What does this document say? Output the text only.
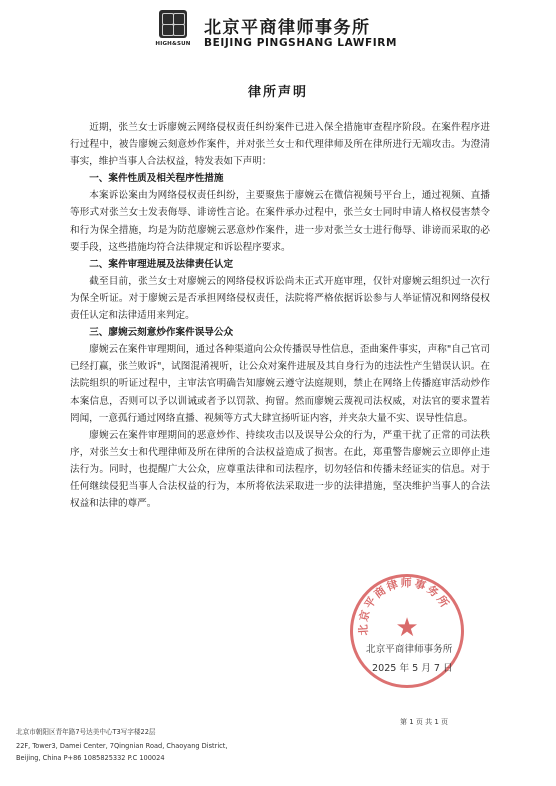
HIGH&SUN
北京平商律师事务所
BEIJING PINGSHANG LAWFIRM
律所声明

近期，张兰女士诉廖婉云网络侵权责任纠纷案件已进入保全措施审查程序阶段。在案件程序进行过程中，被告廖婉云刻意炒作案件，并对张兰女士和代理律师及所在律所进行无端攻击。为澄清事实，维护当事人合法权益，特发表如下声明：

一、案件性质及相关程序性措施

本案诉讼案由为网络侵权责任纠纷，主要聚焦于廖婉云在微信视频号平台上，通过视频、直播等形式对张兰女士发表侮辱、诽谤性言论。在案件承办过程中，张兰女士同时申请人格权侵害禁令和行为保全措施，均是为防范廖婉云恶意炒作案件，进一步对张兰女士进行侮辱、诽谤而采取的必要手段，这些措施均符合法律规定和诉讼程序要求。

二、案件审理进展及法律责任认定

截至目前，张兰女士对廖婉云的网络侵权诉讼尚未正式开庭审理，仅针对廖婉云组织过一次行为保全听证。对于廖婉云是否承担网络侵权责任，法院将严格依据诉讼参与人举证情况和网络侵权责任认定和法律适用来判定。

三、廖婉云刻意炒作案件误导公众

廖婉云在案件审理期间，通过各种渠道向公众传播误导性信息，歪曲案件事实，声称"自己官司已经打赢，张兰败诉"，试图混淆视听，让公众对案件进展及其自身行为的违法性产生错误认识。在法院组织的听证过程中，主审法官明确告知廖婉云遵守法庭规则，禁止在网络上传播庭审活动炒作本案信息，否则可以予以训诫或者予以罚款、拘留。然而廖婉云蔑视司法权威，对法官的要求置若罔闻，一意孤行通过网络直播、视频等方式大肆宣扬听证内容，并夹杂大量不实、误导性信息。

廖婉云在案件审理期间的恶意炒作、持续攻击以及误导公众的行为，严重干扰了正常的司法秩序，对张兰女士和代理律师及所在律所的合法权益造成了损害。在此，郑重警告廖婉云立即停止违法行为。同时，也提醒广大公众，应尊重法律和司法程序，切勿轻信和传播未经证实的信息。对于任何继续侵犯当事人合法权益的行为，本所将依法采取进一步的法律措施，坚决维护当事人的合法权益和法律的尊严。

北京平商律师事务所
★
北京平商律师事务所
2025 年 5 月 7 日
第 1 页 共 1 页
北京市朝阳区青年路7号达美中心T3写字楼22层
22F, Tower3, Damei Center, 7Qingnian Road, Chaoyang District,
Beijing, China P+86 1085825332 P.C 100024
